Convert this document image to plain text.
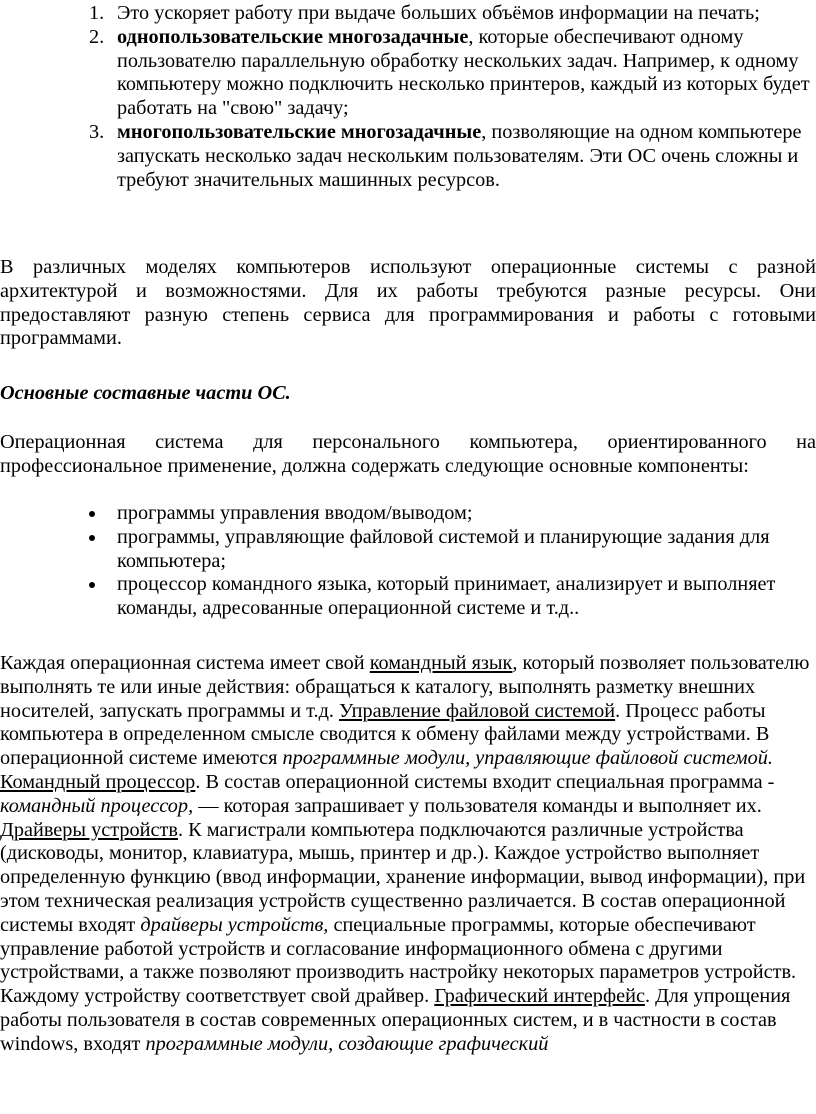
1. Это ускоряет работу при выдаче больших объёмов информации на печать;
2. однопользовательские многозадачные, которые обеспечивают одному пользователю параллельную обработку нескольких задач. Например, к одному компьютеру можно подключить несколько принтеров, каждый из которых будет работать на "свою" задачу;
3. многопользовательские многозадачные, позволяющие на одном компьютере запускать несколько задач нескольким пользователям. Эти ОС очень сложны и требуют значительных машинных ресурсов.

В различных моделях компьютеров используют операционные системы с разной архитектурой и возможностями. Для их работы требуются разные ресурсы. Они предоставляют разную степень сервиса для программирования и работы с готовыми программами.

Основные составные части ОС.

Операционная система для персонального компьютера, ориентированного на профессиональное применение, должна содержать следующие основные компоненты:

программы управления вводом/выводом;
программы, управляющие файловой системой и планирующие задания для компьютера;
процессор командного языка, который принимает, анализирует и выполняет команды, адресованные операционной системе и т.д..

Каждая операционная система имеет свой командный язык, который позволяет пользователю выполнять те или иные действия: обращаться к каталогу, выполнять разметку внешних носителей, запускать программы и т.д. Управление файловой системой. Процесс работы компьютера в определенном смысле сводится к обмену файлами между устройствами. В операционной системе имеются программные модули, управляющие файловой системой. Командный процессор. В состав операционной системы входит специальная программа - командный процессор, — которая запрашивает у пользователя команды и выполняет их. Драйверы устройств. К магистрали компьютера подключаются различные устройства (дисководы, монитор, клавиатура, мышь, принтер и др.). Каждое устройство выполняет определенную функцию (ввод информации, хранение информации, вывод информации), при этом техническая реализация устройств существенно различается. В состав операционной системы входят драйверы устройств, специальные программы, которые обеспечивают управление работой устройств и согласование информационного обмена с другими устройствами, а также позволяют производить настройку некоторых параметров устройств. Каждому устройству соответствует свой драйвер. Графический интерфейс. Для упрощения работы пользователя в состав современных операционных систем, и в частности в состав windows, входят программные модули, создающие графический
